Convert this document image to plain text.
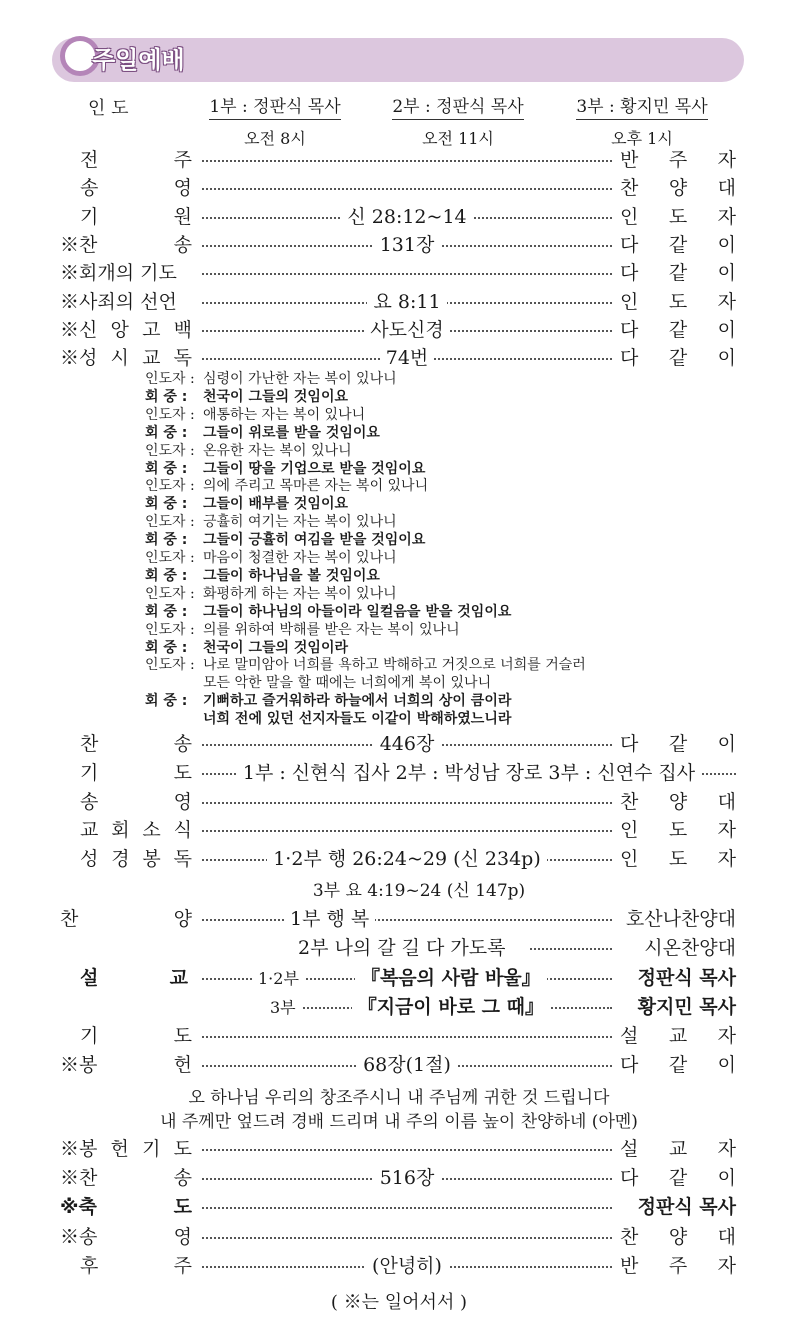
주일예배
인 도	1부 : 정판식 목사
오전 8시
2부 : 정판식 목사
오전 11시
3부 : 황지민 목사
오후 1시
전	주	반 주 자
송	영	찬 양 대
기	원	신 28:12~14	인 도 자
※찬	송	131장	다 같 이
※회개의 기도	다 같 이
※사죄의 선언	요 8:11	인 도 자
※신 앙 고 백	사도신경	다 같 이
※성 시 교 독	74번	다 같 이
인도자 : 심령이 가난한 자는 복이 있나니
회 중 : 천국이 그들의 것임이요
인도자 : 애통하는 자는 복이 있나니
회 중 : 그들이 위로를 받을 것임이요
인도자 : 온유한 자는 복이 있나니
회 중 : 그들이 땅을 기업으로 받을 것임이요
인도자 : 의에 주리고 목마른 자는 복이 있나니
회 중 : 그들이 배부를 것임이요
인도자 : 긍휼히 여기는 자는 복이 있나니
회 중 : 그들이 긍휼히 여김을 받을 것임이요
인도자 : 마음이 청결한 자는 복이 있나니
회 중 : 그들이 하나님을 볼 것임이요
인도자 : 화평하게 하는 자는 복이 있나니
회 중 : 그들이 하나님의 아들이라 일컬음을 받을 것임이요
인도자 : 의를 위하여 박해를 받은 자는 복이 있나니
회 중 : 천국이 그들의 것임이라
인도자 : 나로 말미암아 너희를 욕하고 박해하고 거짓으로 너희를 거슬러
모든 악한 말을 할 때에는 너희에게 복이 있나니
회 중 : 기뻐하고 즐거워하라 하늘에서 너희의 상이 큼이라
너희 전에 있던 선지자들도 이같이 박해하였느니라
찬	송	446장	다 같 이
기	도	1부 : 신현식 집사 2부 : 박성남 장로 3부 : 신연수 집사
송	영	찬 양 대
교 회 소 식	인 도 자
성 경 봉 독	1·2부 행 26:24~29 (신 234p)	인 도 자
3부 요 4:19~24 (신 147p)
찬	양	1부 행 복	호산나찬양대
2부 나의 갈 길 다 가도록	시온찬양대
설	교	1·2부	『복음의 사람 바울』	정판식 목사
3부	『지금이 바로 그 때』	황지민 목사
기	도	설 교 자
※봉	헌	68장(1절)	다 같 이
오 하나님 우리의 창조주시니 내 주님께 귀한 것 드립니다
내 주께만 엎드려 경배 드리며 내 주의 이름 높이 찬양하네 (아멘)
※봉 헌 기 도	설 교 자
※찬	송	516장	다 같 이
※축	도	정판식 목사
※송	영	찬 양 대
후	주	(안녕히)	반 주 자
( ※는 일어서서 )
